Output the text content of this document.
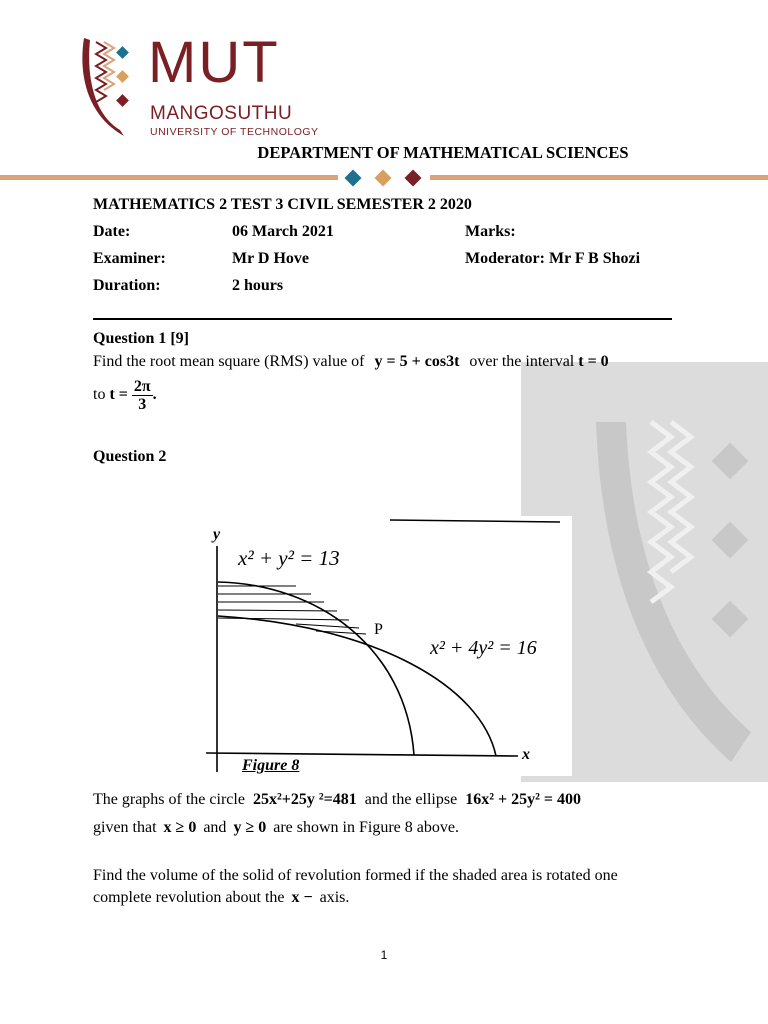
MUT
MANGOSUTHU
UNIVERSITY OF TECHNOLOGY
DEPARTMENT OF MATHEMATICAL SCIENCES
MATHEMATICS 2 TEST 3 CIVIL SEMESTER 2 2020
Date:	06 March 2021	Marks:
Examiner:	Mr D Hove	Moderator: Mr F B Shozi
Duration:	2 hours
Question 1 [9]
Find the root mean square (RMS) value of y = 5 + cos3t over the interval t = 0
to $t = \frac{2\pi}{3}$ .
Question 2
y
x
x² + y² = 13
x² + 4y² = 16
P
Figure 8
The graphs of the circle 25x²+25y ²=481 and the ellipse 16x² + 25y² = 400
given that x ≥ 0 and y ≥ 0 are shown in Figure 8 above.
Find the volume of the solid of revolution formed if the shaded area is rotated one
complete revolution about the x − axis.
1
